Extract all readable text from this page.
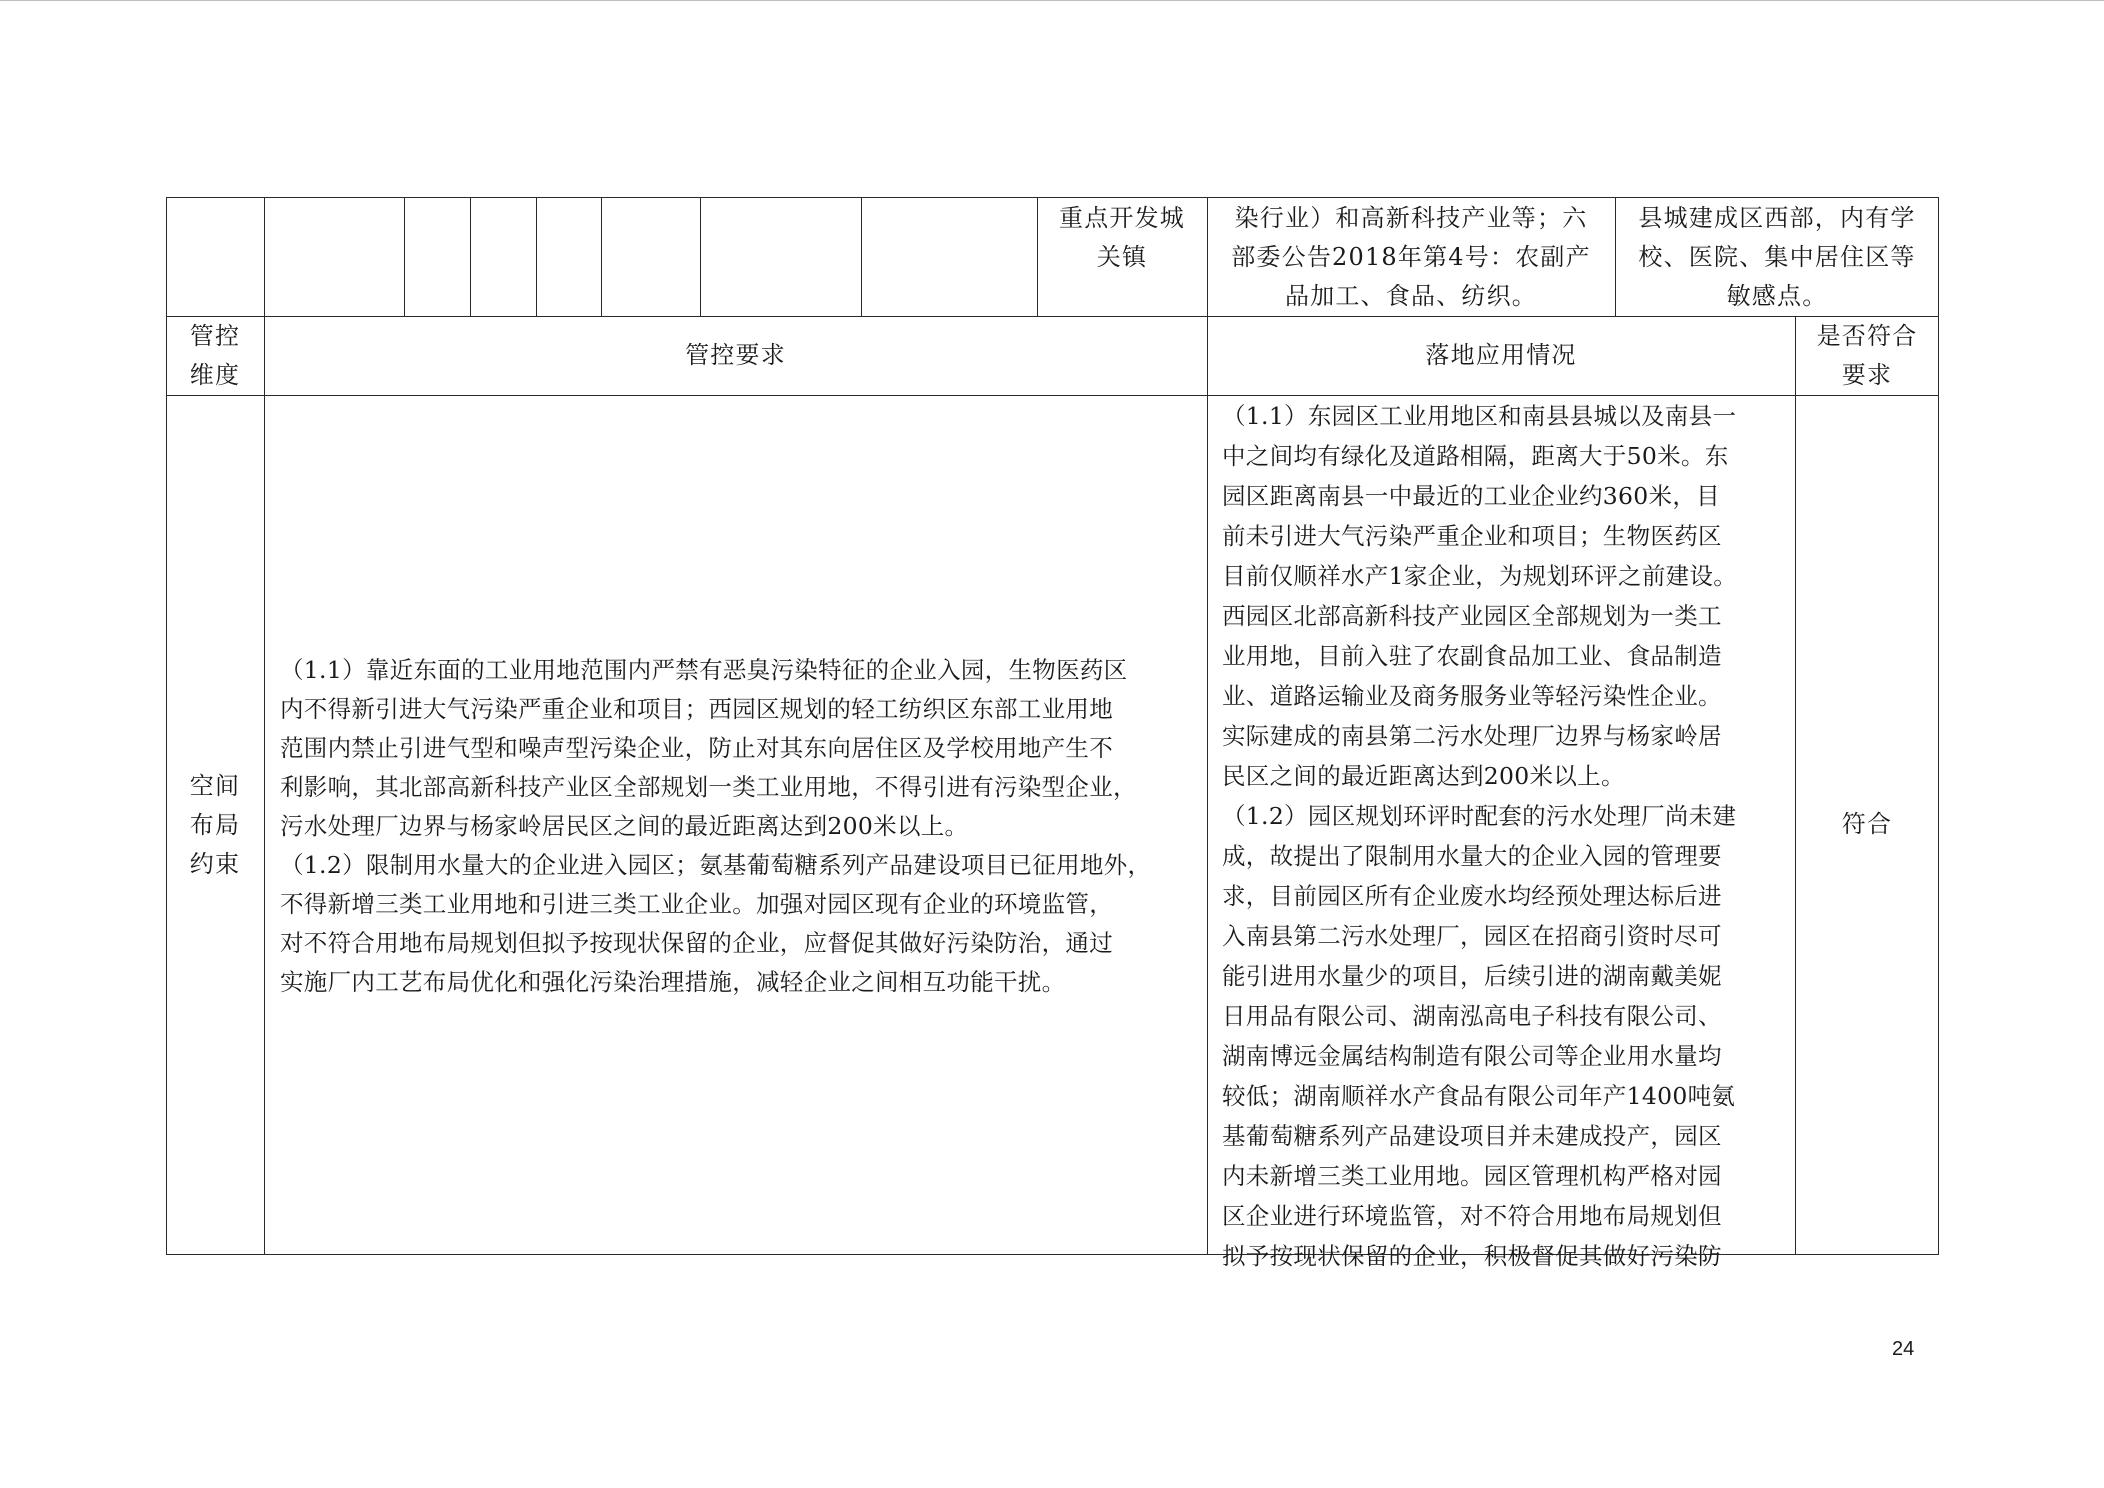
重点开发城
关镇
染行业）和高新科技产业等；六
部委公告2018年第4号：农副产
品加工、食品、纺织。
县城建成区西部，内有学
校、医院、集中居住区等
敏感点。
管控
维度
管控要求	落地应用情况
是否符合
要求
空间
布局
约束
（1.1）靠近东面的工业用地范围内严禁有恶臭污染特征的企业入园，生物医药区
内不得新引进大气污染严重企业和项目；西园区规划的轻工纺织区东部工业用地
范围内禁止引进气型和噪声型污染企业，防止对其东向居住区及学校用地产生不
利影响，其北部高新科技产业区全部规划一类工业用地，不得引进有污染型企业，
污水处理厂边界与杨家岭居民区之间的最近距离达到200米以上。
（1.2）限制用水量大的企业进入园区；氨基葡萄糖系列产品建设项目已征用地外，
不得新增三类工业用地和引进三类工业企业。加强对园区现有企业的环境监管，
对不符合用地布局规划但拟予按现状保留的企业，应督促其做好污染防治，通过
实施厂内工艺布局优化和强化污染治理措施，减轻企业之间相互功能干扰。
（1.1）东园区工业用地区和南县县城以及南县一
中之间均有绿化及道路相隔，距离大于50米。东
园区距离南县一中最近的工业企业约360米，目
前未引进大气污染严重企业和项目；生物医药区
目前仅顺祥水产1家企业，为规划环评之前建设。
西园区北部高新科技产业园区全部规划为一类工
业用地，目前入驻了农副食品加工业、食品制造
业、道路运输业及商务服务业等轻污染性企业。
实际建成的南县第二污水处理厂边界与杨家岭居
民区之间的最近距离达到200米以上。
（1.2）园区规划环评时配套的污水处理厂尚未建
成，故提出了限制用水量大的企业入园的管理要
求，目前园区所有企业废水均经预处理达标后进
入南县第二污水处理厂，园区在招商引资时尽可
能引进用水量少的项目，后续引进的湖南戴美妮
日用品有限公司、湖南泓高电子科技有限公司、
湖南博远金属结构制造有限公司等企业用水量均
较低；湖南顺祥水产食品有限公司年产1400吨氨
基葡萄糖系列产品建设项目并未建成投产，园区
内未新增三类工业用地。园区管理机构严格对园
区企业进行环境监管，对不符合用地布局规划但
拟予按现状保留的企业，积极督促其做好污染防
符合
24
